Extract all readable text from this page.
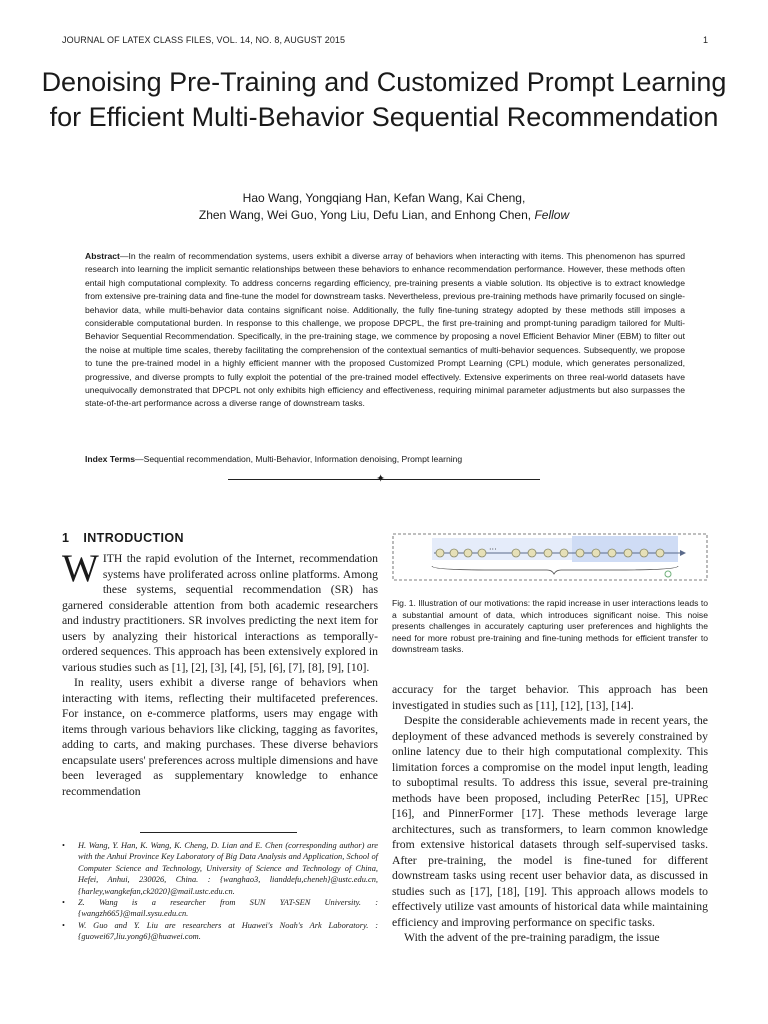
JOURNAL OF LATEX CLASS FILES, VOL. 14, NO. 8, AUGUST 2015	1
Denoising Pre-Training and Customized Prompt Learning for Efficient Multi-Behavior Sequential Recommendation
Hao Wang, Yongqiang Han, Kefan Wang, Kai Cheng,
Zhen Wang, Wei Guo, Yong Liu, Defu Lian, and Enhong Chen, Fellow
Abstract—In the realm of recommendation systems, users exhibit a diverse array of behaviors when interacting with items. This phenomenon has spurred research into learning the implicit semantic relationships between these behaviors to enhance recommendation performance. However, these methods often entail high computational complexity. To address concerns regarding efficiency, pre-training presents a viable solution. Its objective is to extract knowledge from extensive pre-training data and fine-tune the model for downstream tasks. Nevertheless, previous pre-training methods have primarily focused on single-behavior data, while multi-behavior data contains significant noise. Additionally, the fully fine-tuning strategy adopted by these methods still imposes a considerable computational burden. In response to this challenge, we propose DPCPL, the first pre-training and prompt-tuning paradigm tailored for Multi-Behavior Sequential Recommendation. Specifically, in the pre-training stage, we commence by proposing a novel Efficient Behavior Miner (EBM) to filter out the noise at multiple time scales, thereby facilitating the comprehension of the contextual semantics of multi-behavior sequences. Subsequently, we propose to tune the pre-trained model in a highly efficient manner with the proposed Customized Prompt Learning (CPL) module, which generates personalized, progressive, and diverse prompts to fully exploit the potential of the pre-trained model effectively. Extensive experiments on three real-world datasets have unequivocally demonstrated that DPCPL not only exhibits high efficiency and effectiveness, requiring minimal parameter adjustments but also surpasses the state-of-the-art performance across a diverse range of downstream tasks.
Index Terms—Sequential recommendation, Multi-Behavior, Information denoising, Prompt learning
✦
1 INTRODUCTION

WITH the rapid evolution of the Internet, recommendation systems have proliferated across online platforms. Among these systems, sequential recommendation (SR) has garnered considerable attention from both academic researchers and industry practitioners. SR involves predicting the next item for users by analyzing their historical interactions as temporally-ordered sequences. This approach has been extensively explored in various studies such as [1], [2], [3], [4], [5], [6], [7], [8], [9], [10].

In reality, users exhibit a diverse range of behaviors when interacting with items, reflecting their multifaceted preferences. For instance, on e-commerce platforms, users may engage with items through various behaviors like clicking, tagging as favorites, adding to carts, and making purchases. These diverse behaviors encapsulate users' preferences across multiple dimensions and have been leveraged as supplementary knowledge to enhance recommendation

• H. Wang, Y. Han, K. Wang, K. Cheng, D. Lian and E. Chen (corresponding author) are with the Anhui Province Key Laboratory of Big Data Analysis and Application, School of Computer Science and Technology, University of Science and Technology of China, Hefei, Anhui, 230026, China. : {wanghao3, lianddefu,cheneh}@ustc.edu.cn, {harley,wangkefan,ck2020}@mail.ustc.edu.cn.
• Z. Wang is a researcher from SUN YAT-SEN University. : {wangzh665}@mail.sysu.edu.cn.
• W. Guo and Y. Liu are researchers at Huawei's Noah's Ark Laboratory. : {guowei67,liu.yong6}@huawei.com.
···
Fig. 1. Illustration of our motivations: the rapid increase in user interactions leads to a substantial amount of data, which introduces significant noise. This noise presents challenges in accurately capturing user preferences and highlights the need for more robust pre-training and fine-tuning methods for efficient transfer to downstream tasks.

accuracy for the target behavior. This approach has been investigated in studies such as [11], [12], [13], [14].

Despite the considerable achievements made in recent years, the deployment of these advanced methods is severely constrained by online latency due to their high computational complexity. This limitation forces a compromise on the model input length, leading to suboptimal results. To address this issue, several pre-training methods have been proposed, including PeterRec [15], UPRec [16], and PinnerFormer [17]. These methods leverage large architectures, such as transformers, to learn common knowledge from extensive historical datasets through self-supervised tasks. After pre-training, the model is fine-tuned for different downstream tasks using recent user behavior data, as discussed in studies such as [17], [18], [19]. This approach allows models to effectively utilize vast amounts of historical data while maintaining efficiency and improving performance on specific tasks.

With the advent of the pre-training paradigm, the issue
